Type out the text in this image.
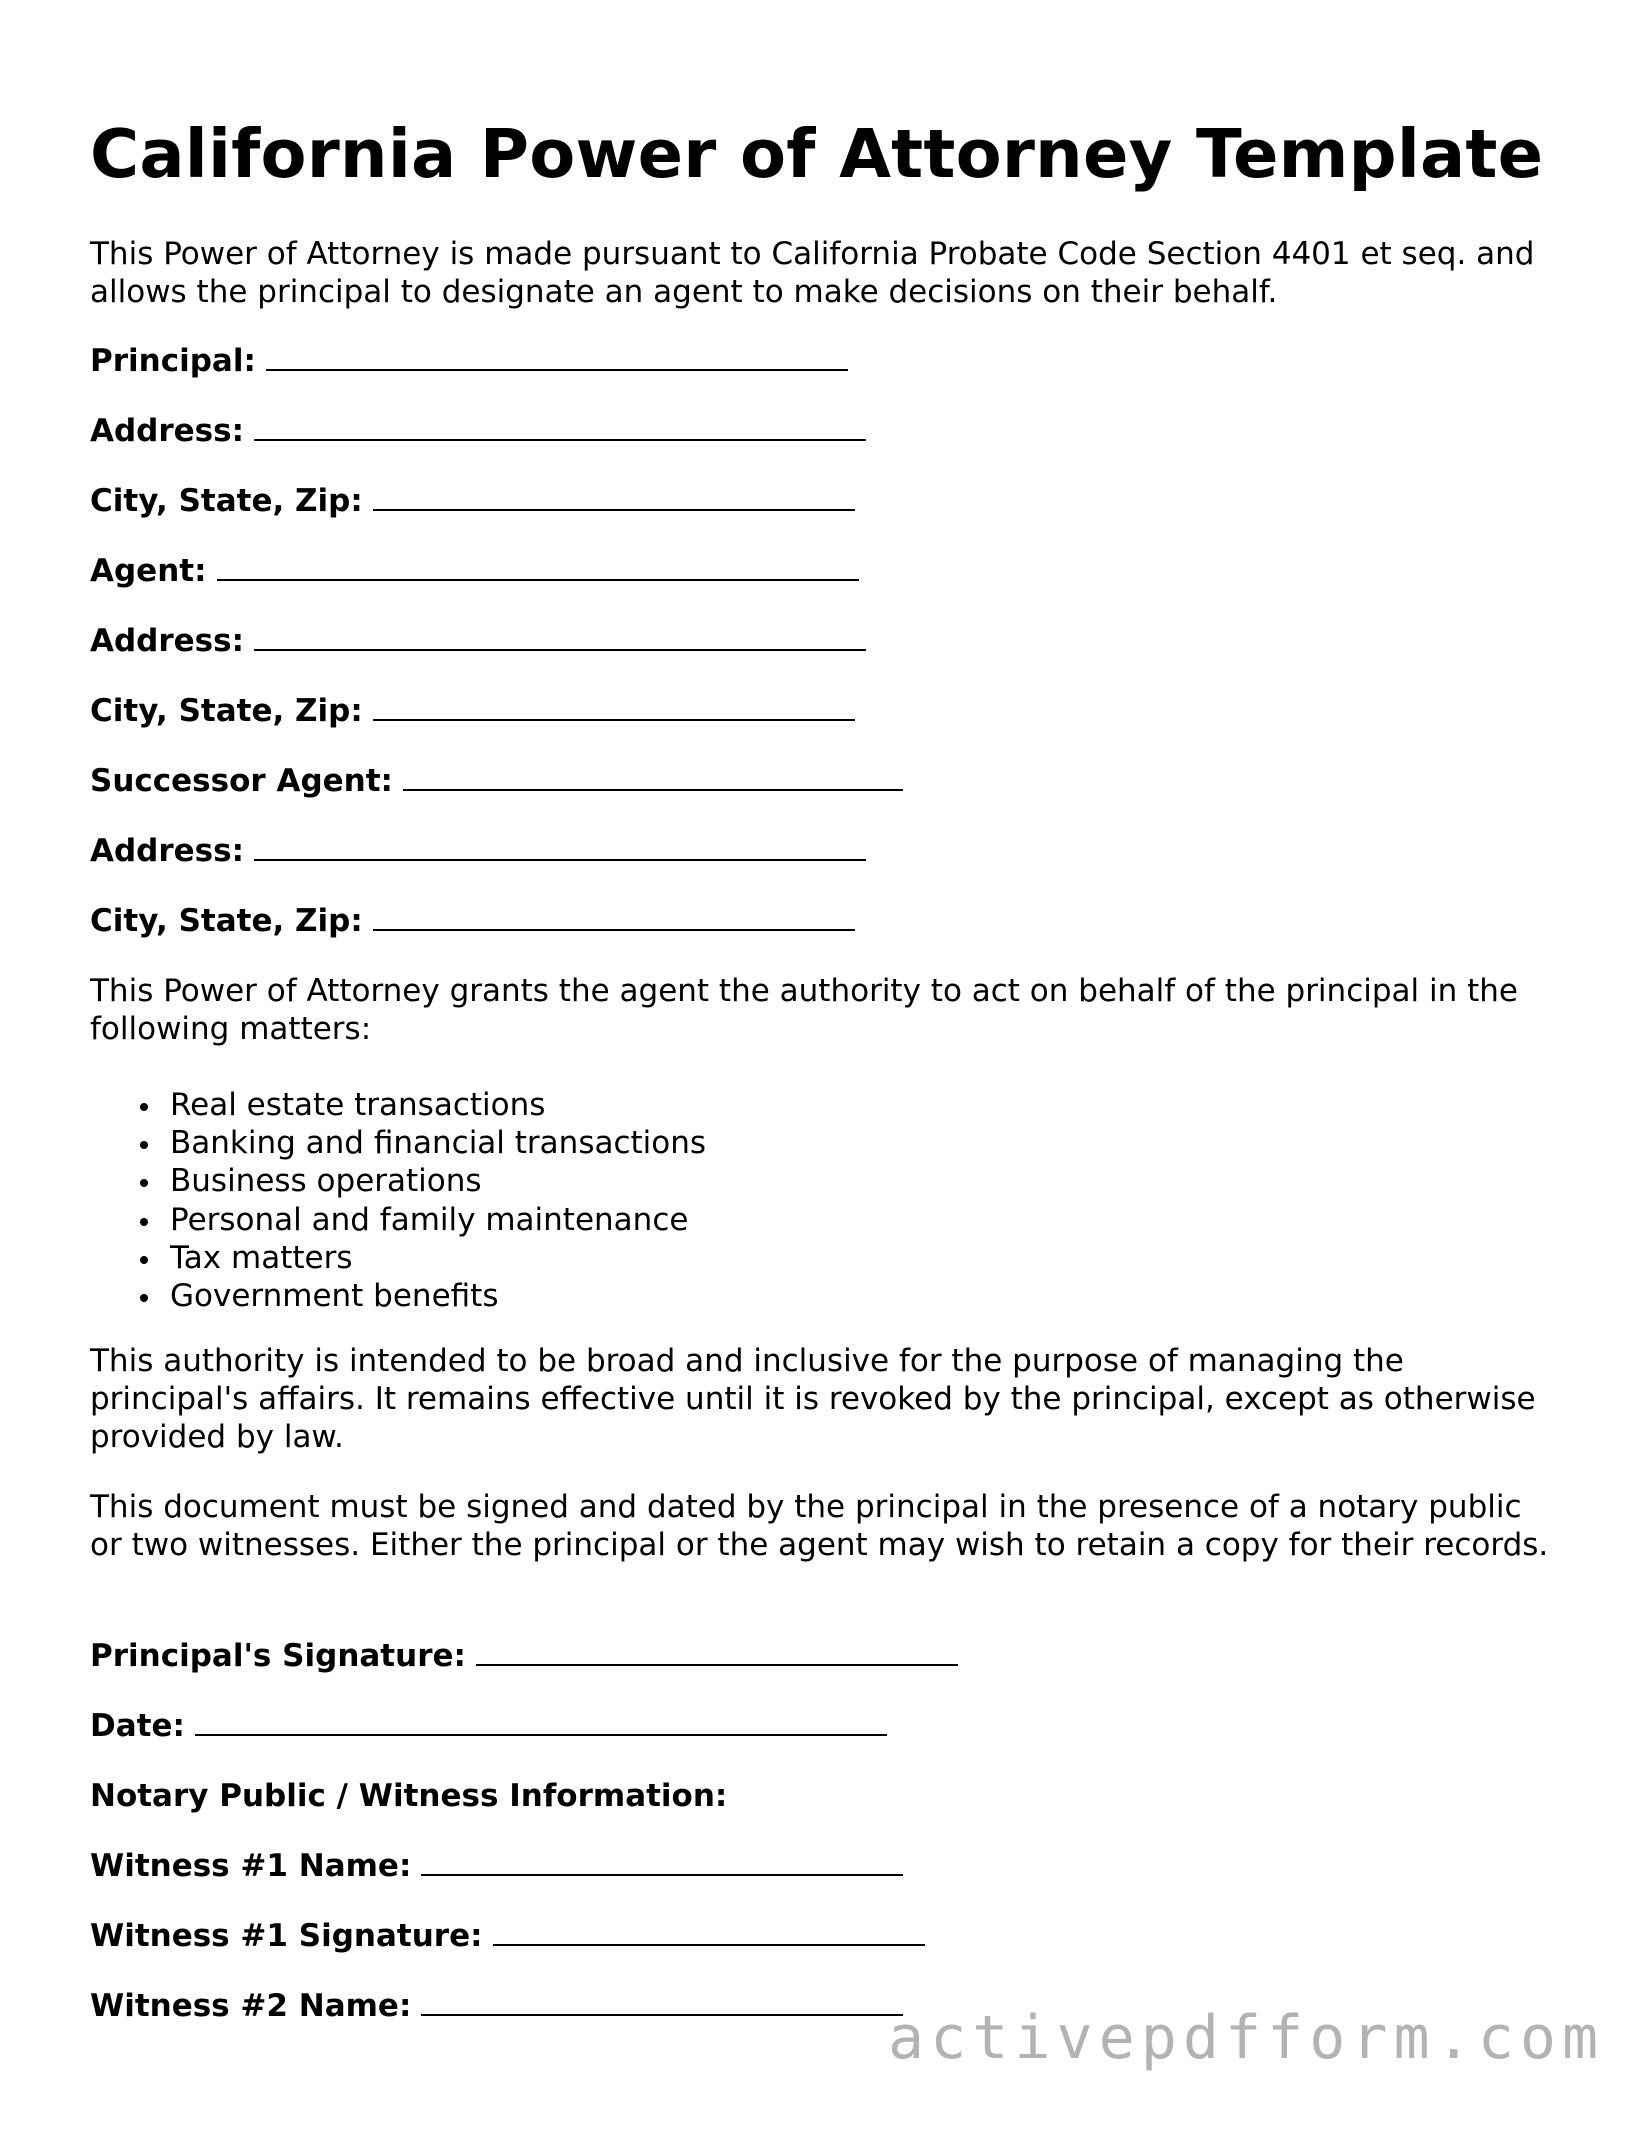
California Power of Attorney Template

This Power of Attorney is made pursuant to California Probate Code Section 4401 et seq. and allows the principal to designate an agent to make decisions on their behalf.

Principal:
Address:
City, State, Zip:
Agent:
Address:
City, State, Zip:
Successor Agent:
Address:
City, State, Zip:

This Power of Attorney grants the agent the authority to act on behalf of the principal in the following matters:

Real estate transactions
Banking and financial transactions
Business operations
Personal and family maintenance
Tax matters
Government benefits

This authority is intended to be broad and inclusive for the purpose of managing the principal's affairs. It remains effective until it is revoked by the principal, except as otherwise provided by law.

This document must be signed and dated by the principal in the presence of a notary public or two witnesses. Either the principal or the agent may wish to retain a copy for their records.

Principal's Signature:
Date:
Notary Public / Witness Information:
Witness #1 Name:
Witness #1 Signature:
Witness #2 Name:	activepdfform.com
